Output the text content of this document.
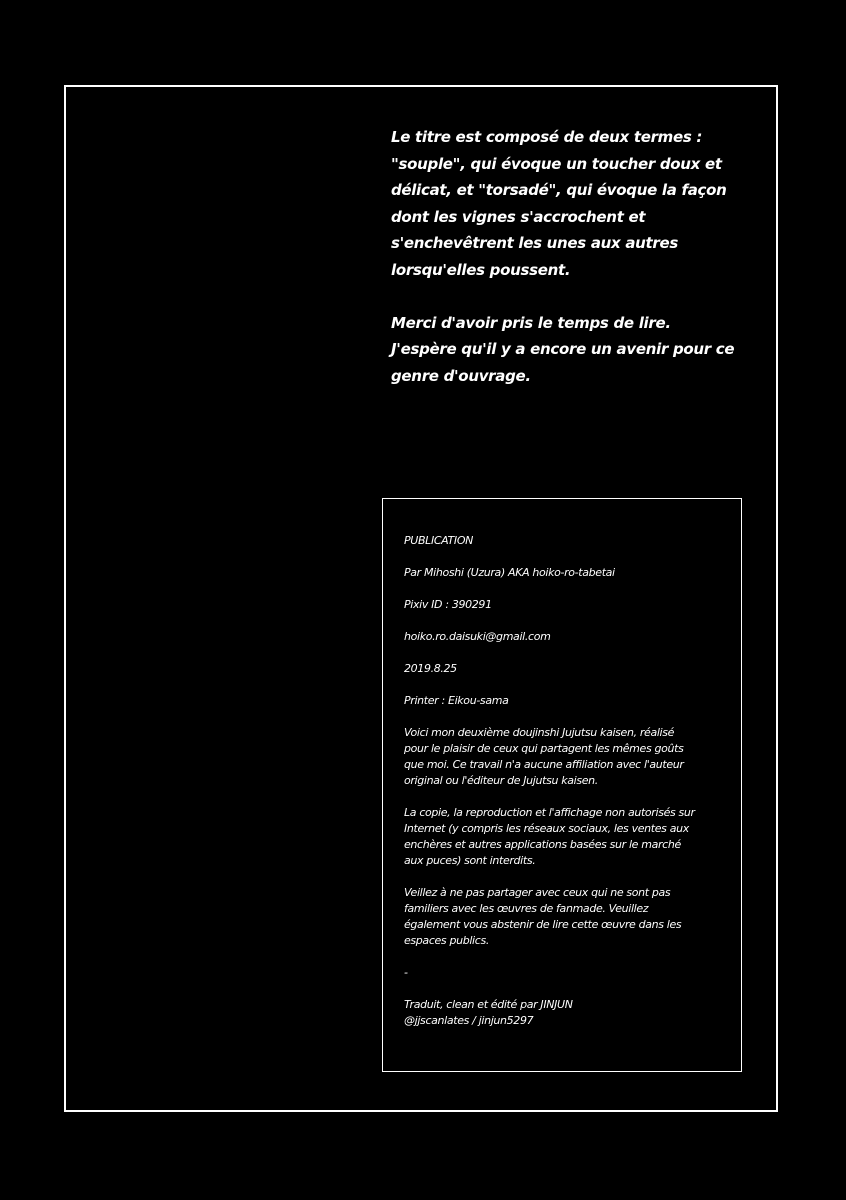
Le titre est composé de deux termes :

"souple", qui évoque un toucher doux et

délicat, et "torsadé", qui évoque la façon

dont les vignes s'accrochent et

s'enchevêtrent les unes aux autres

lorsqu'elles poussent.

Merci d'avoir pris le temps de lire.

J'espère qu'il y a encore un avenir pour ce

genre d'ouvrage.

PUBLICATION
Par Mihoshi (Uzura) AKA hoiko-ro-tabetai
Pixiv ID : 390291
hoiko.ro.daisuki@gmail.com
2019.8.25
Printer : Eikou-sama
Voici mon deuxième doujinshi Jujutsu kaisen, réalisé
pour le plaisir de ceux qui partagent les mêmes goûts
que moi. Ce travail n'a aucune affiliation avec l'auteur
original ou l'éditeur de Jujutsu kaisen.
La copie, la reproduction et l'affichage non autorisés sur
Internet (y compris les réseaux sociaux, les ventes aux
enchères et autres applications basées sur le marché
aux puces) sont interdits.
Veillez à ne pas partager avec ceux qui ne sont pas
familiers avec les œuvres de fanmade. Veuillez
également vous abstenir de lire cette œuvre dans les
espaces publics.
-
Traduit, clean et édité par JINJUN
@jjscanlates / jinjun5297
